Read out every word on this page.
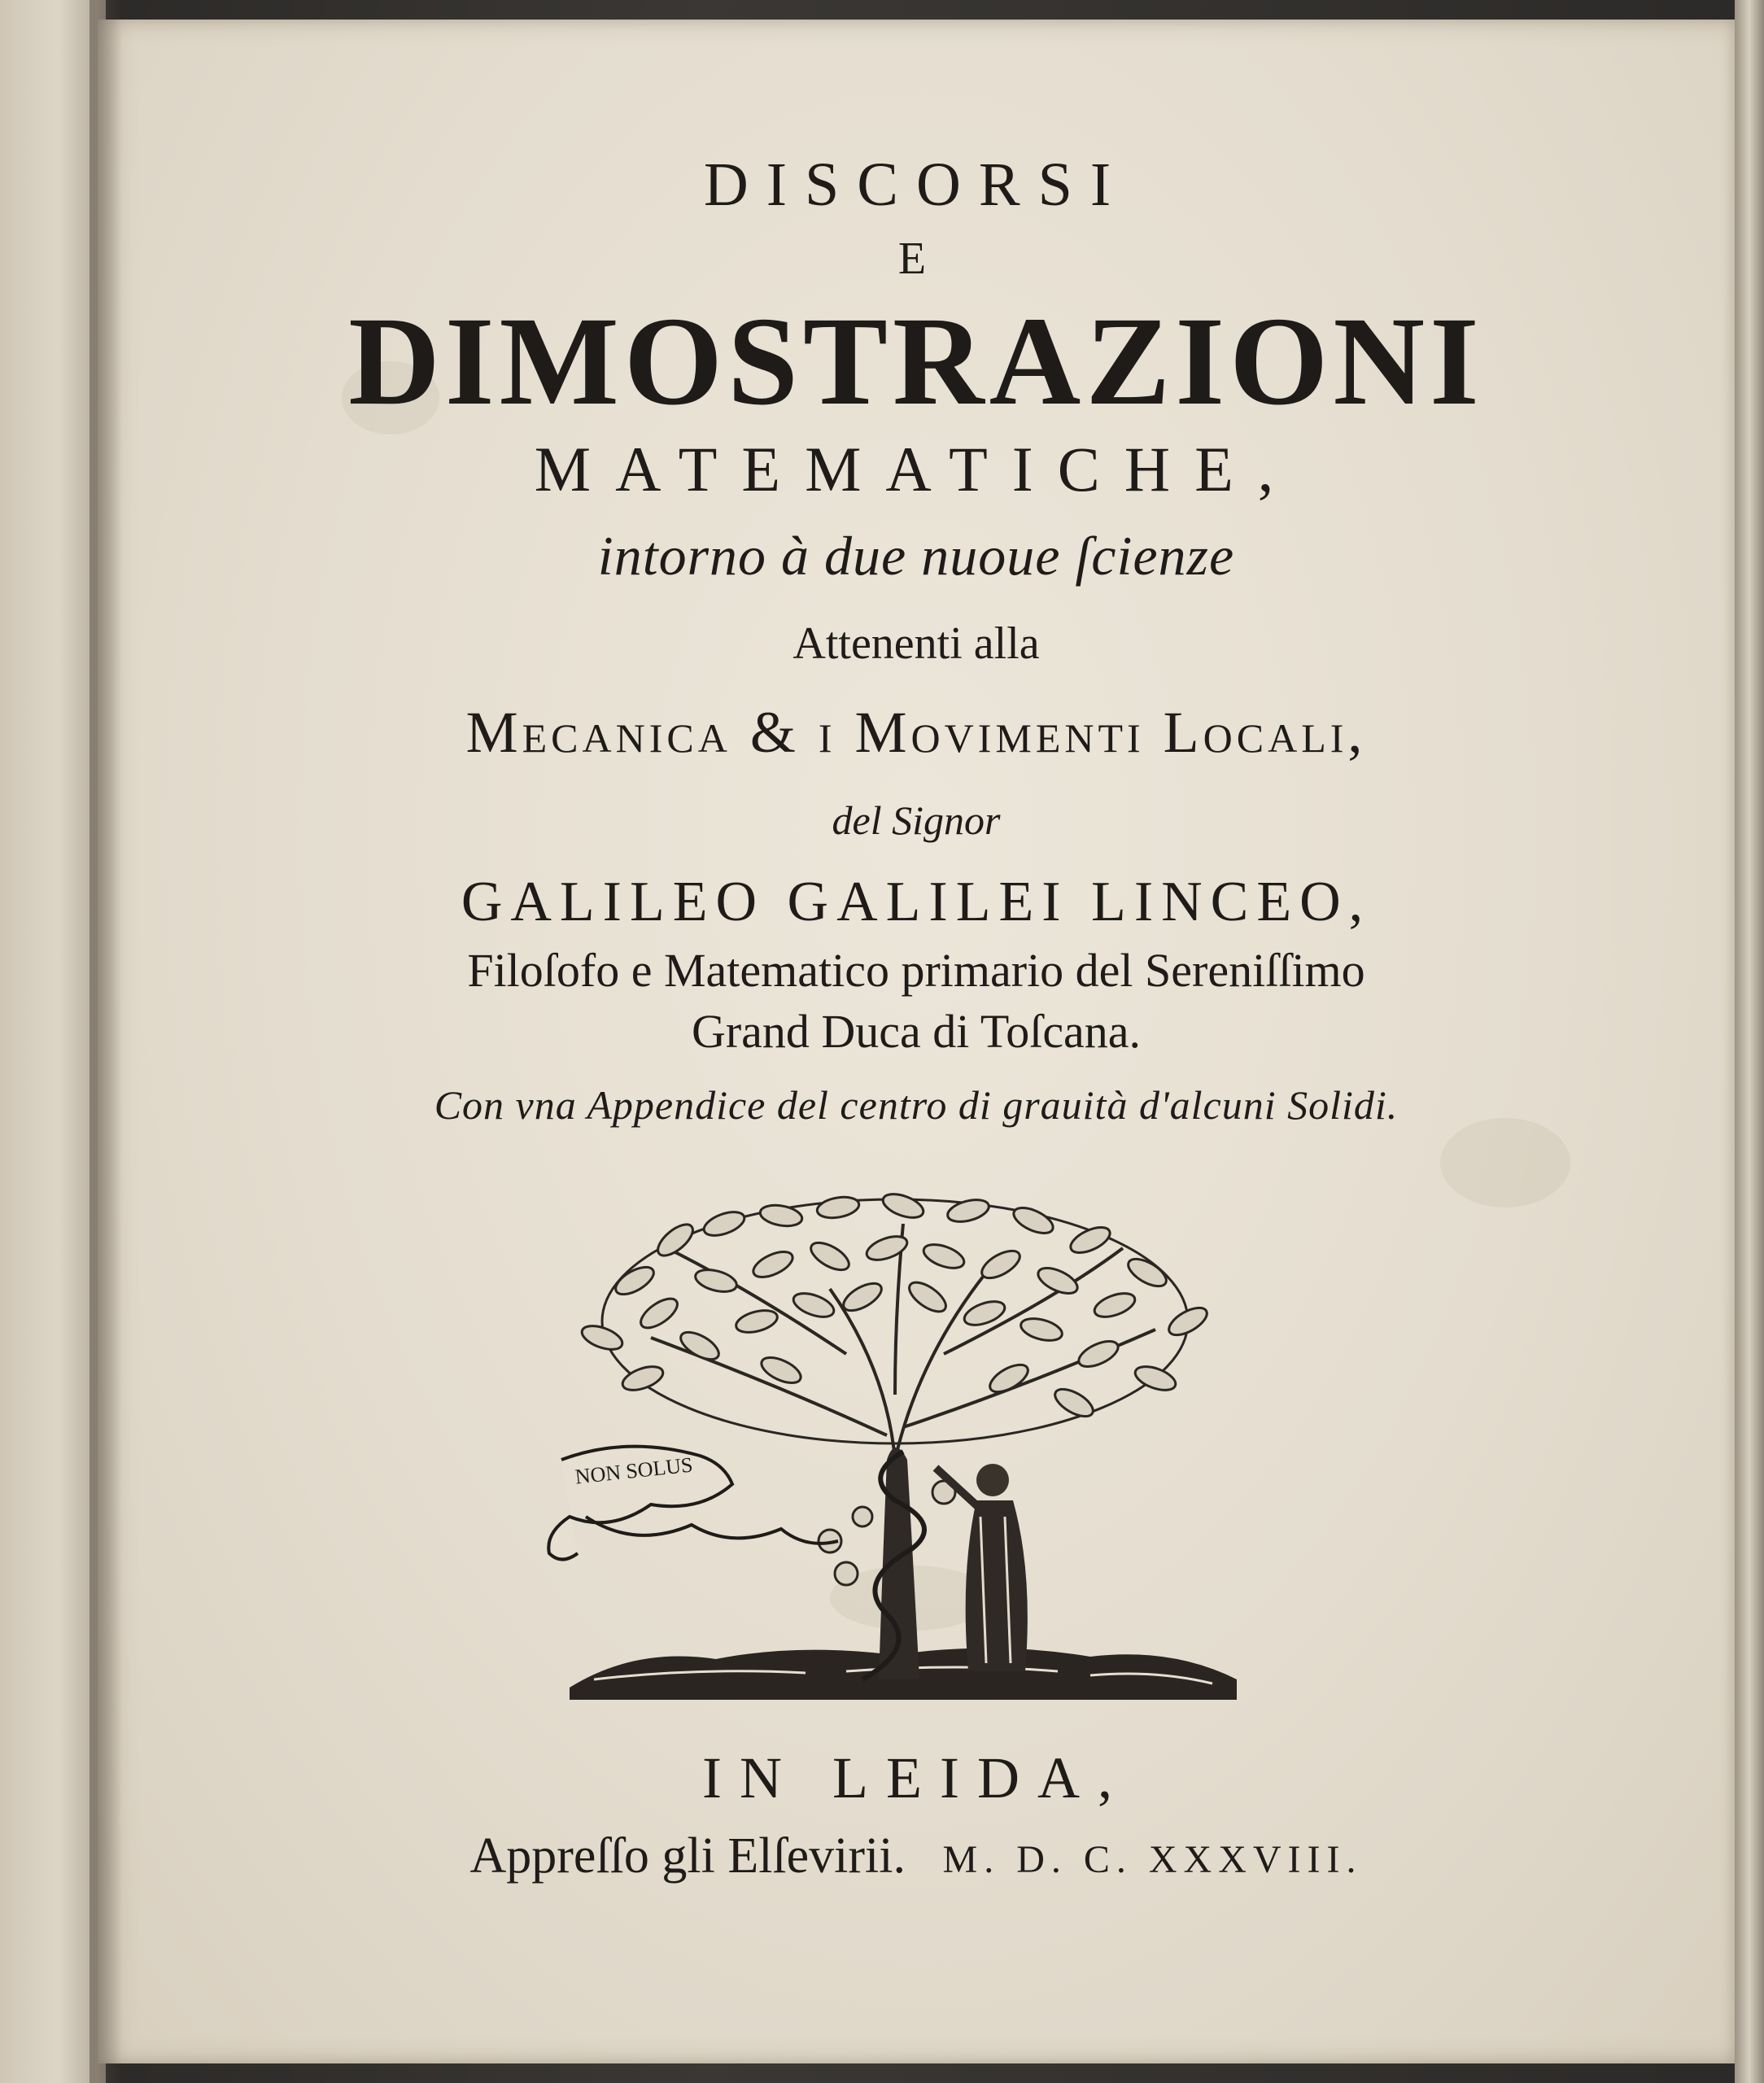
DISCORSI
E
DIMOSTRAZIONI
MATEMATICHE,
intorno à due nuoue ſcienze
Attenenti alla
Mecanica & i Movimenti Locali,
del Signor
GALILEO GALILEI LINCEO,
Filoſofo e Matematico primario del Sereniſſimo
Grand Duca di Toſcana.
Con vna Appendice del centro di grauità d'alcuni Solidi.
NON SOLUS
IN LEIDA,
Appreſſo gli Elſevirii. M. D. C. XXXVIII.
